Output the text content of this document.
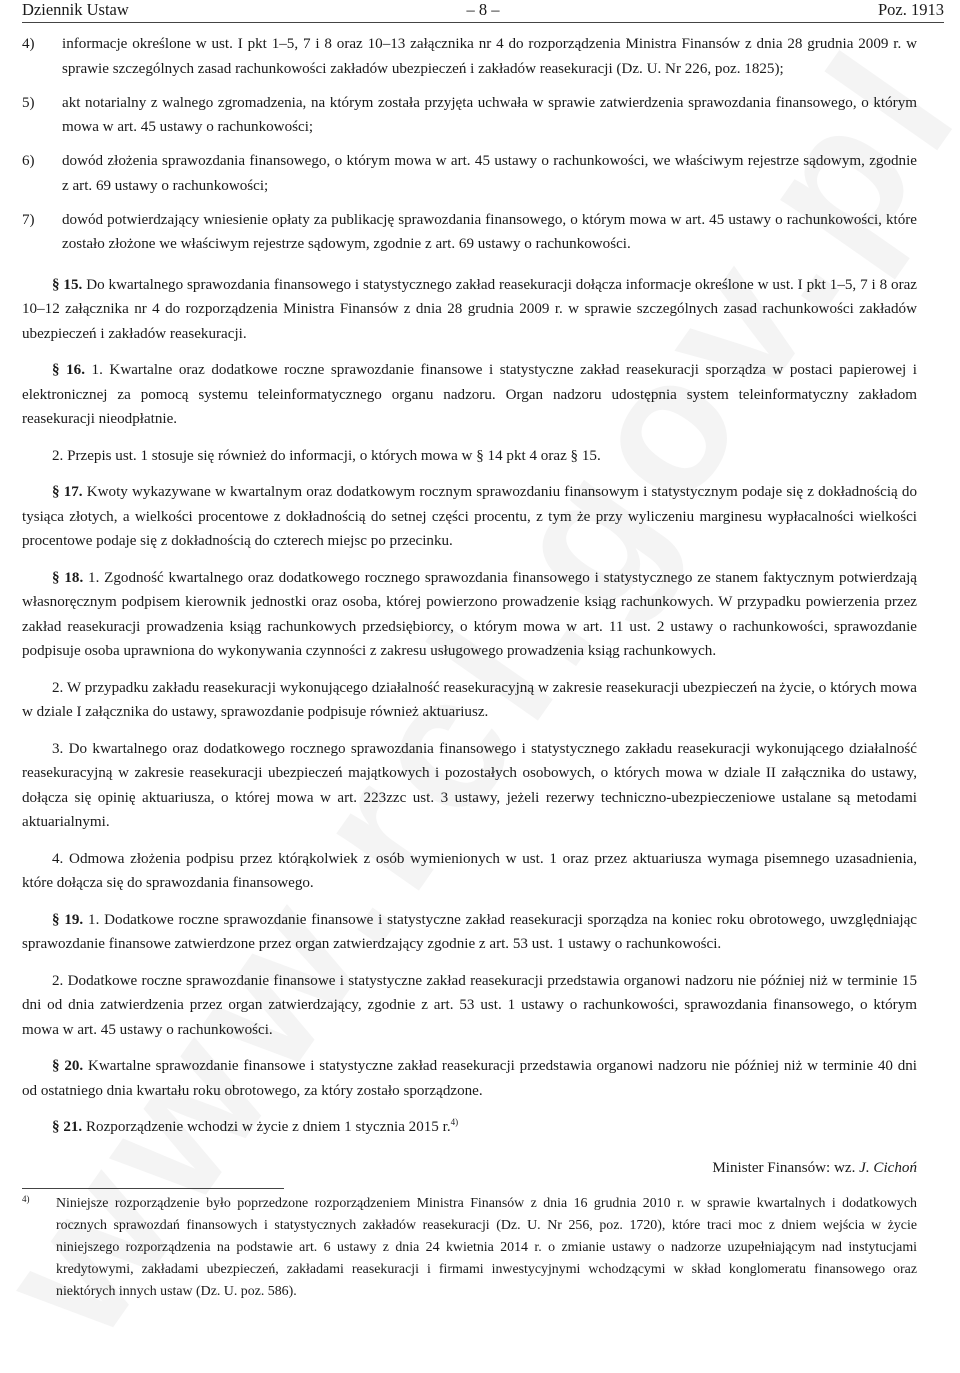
Dziennik Ustaw	– 8 –	Poz. 1913
4) informacje określone w ust. I pkt 1–5, 7 i 8 oraz 10–13 załącznika nr 4 do rozporządzenia Ministra Finansów z dnia 28 grudnia 2009 r. w sprawie szczególnych zasad rachunkowości zakładów ubezpieczeń i zakładów reasekuracji (Dz. U. Nr 226, poz. 1825);
5) akt notarialny z walnego zgromadzenia, na którym została przyjęta uchwała w sprawie zatwierdzenia sprawozdania finansowego, o którym mowa w art. 45 ustawy o rachunkowości;
6) dowód złożenia sprawozdania finansowego, o którym mowa w art. 45 ustawy o rachunkowości, we właściwym rejestrze sądowym, zgodnie z art. 69 ustawy o rachunkowości;
7) dowód potwierdzający wniesienie opłaty za publikację sprawozdania finansowego, o którym mowa w art. 45 ustawy o rachunkowości, które zostało złożone we właściwym rejestrze sądowym, zgodnie z art. 69 ustawy o rachunkowości.
§ 15. Do kwartalnego sprawozdania finansowego i statystycznego zakład reasekuracji dołącza informacje określone w ust. I pkt 1–5, 7 i 8 oraz 10–12 załącznika nr 4 do rozporządzenia Ministra Finansów z dnia 28 grudnia 2009 r. w sprawie szczególnych zasad rachunkowości zakładów ubezpieczeń i zakładów reasekuracji.
§ 16. 1. Kwartalne oraz dodatkowe roczne sprawozdanie finansowe i statystyczne zakład reasekuracji sporządza w postaci papierowej i elektronicznej za pomocą systemu teleinformatycznego organu nadzoru. Organ nadzoru udostępnia system teleinformatyczny zakładom reasekuracji nieodpłatnie.
2. Przepis ust. 1 stosuje się również do informacji, o których mowa w § 14 pkt 4 oraz § 15.
§ 17. Kwoty wykazywane w kwartalnym oraz dodatkowym rocznym sprawozdaniu finansowym i statystycznym podaje się z dokładnością do tysiąca złotych, a wielkości procentowe z dokładnością do setnej części procentu, z tym że przy wyliczeniu marginesu wypłacalności wielkości procentowe podaje się z dokładnością do czterech miejsc po przecinku.
§ 18. 1. Zgodność kwartalnego oraz dodatkowego rocznego sprawozdania finansowego i statystycznego ze stanem faktycznym potwierdzają własnoręcznym podpisem kierownik jednostki oraz osoba, której powierzono prowadzenie ksiąg rachunkowych. W przypadku powierzenia przez zakład reasekuracji prowadzenia ksiąg rachunkowych przedsiębiorcy, o którym mowa w art. 11 ust. 2 ustawy o rachunkowości, sprawozdanie podpisuje osoba uprawniona do wykonywania czynności z zakresu usługowego prowadzenia ksiąg rachunkowych.
2. W przypadku zakładu reasekuracji wykonującego działalność reasekuracyjną w zakresie reasekuracji ubezpieczeń na życie, o których mowa w dziale I załącznika do ustawy, sprawozdanie podpisuje również aktuariusz.
3. Do kwartalnego oraz dodatkowego rocznego sprawozdania finansowego i statystycznego zakładu reasekuracji wykonującego działalność reasekuracyjną w zakresie reasekuracji ubezpieczeń majątkowych i pozostałych osobowych, o których mowa w dziale II załącznika do ustawy, dołącza się opinię aktuariusza, o której mowa w art. 223zzc ust. 3 ustawy, jeżeli rezerwy techniczno-ubezpieczeniowe ustalane są metodami aktuarialnymi.
4. Odmowa złożenia podpisu przez którąkolwiek z osób wymienionych w ust. 1 oraz przez aktuariusza wymaga pisemnego uzasadnienia, które dołącza się do sprawozdania finansowego.
§ 19. 1. Dodatkowe roczne sprawozdanie finansowe i statystyczne zakład reasekuracji sporządza na koniec roku obrotowego, uwzględniając sprawozdanie finansowe zatwierdzone przez organ zatwierdzający zgodnie z art. 53 ust. 1 ustawy o rachunkowości.
2. Dodatkowe roczne sprawozdanie finansowe i statystyczne zakład reasekuracji przedstawia organowi nadzoru nie później niż w terminie 15 dni od dnia zatwierdzenia przez organ zatwierdzający, zgodnie z art. 53 ust. 1 ustawy o rachunkowości, sprawozdania finansowego, o którym mowa w art. 45 ustawy o rachunkowości.
§ 20. Kwartalne sprawozdanie finansowe i statystyczne zakład reasekuracji przedstawia organowi nadzoru nie później niż w terminie 40 dni od ostatniego dnia kwartału roku obrotowego, za który zostało sporządzone.
§ 21. Rozporządzenie wchodzi w życie z dniem 1 stycznia 2015 r.$^{4)}$
Minister Finansów: wz. J. Cichoń
4) Niniejsze rozporządzenie było poprzedzone rozporządzeniem Ministra Finansów z dnia 16 grudnia 2010 r. w sprawie kwartalnych i dodatkowych rocznych sprawozdań finansowych i statystycznych zakładów reasekuracji (Dz. U. Nr 256, poz. 1720), które traci moc z dniem wejścia w życie niniejszego rozporządzenia na podstawie art. 6 ustawy z dnia 24 kwietnia 2014 r. o zmianie ustawy o nadzorze uzupełniającym nad instytucjami kredytowymi, zakładami ubezpieczeń, zakładami reasekuracji i firmami inwestycyjnymi wchodzącymi w skład konglomeratu finansowego oraz niektórych innych ustaw (Dz. U. poz. 586).
